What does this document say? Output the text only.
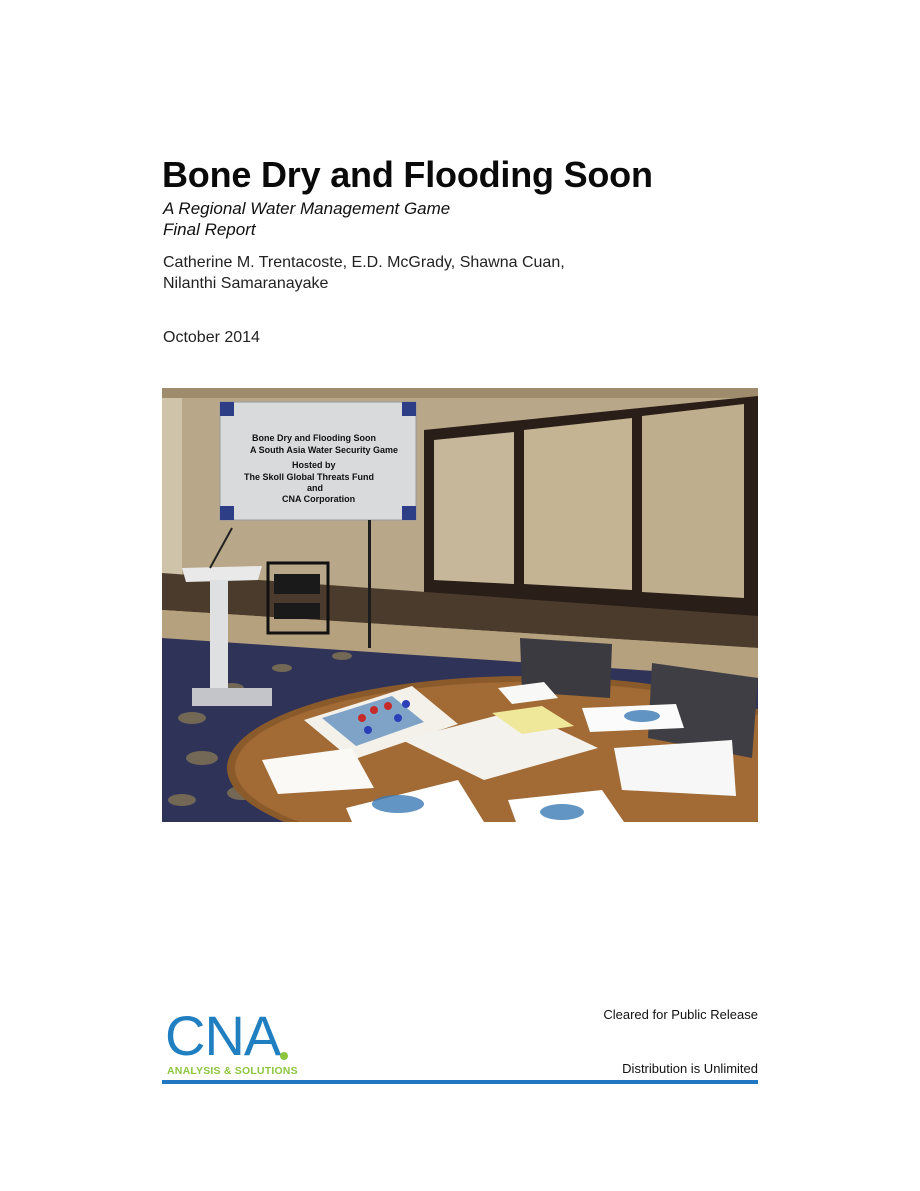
Bone Dry and Flooding Soon
A Regional Water Management Game
Final Report
Catherine M. Trentacoste, E.D. McGrady, Shawna Cuan,
Nilanthi Samaranayake
October 2014
Bone Dry and Flooding Soon
A South Asia Water Security Game
Hosted by
The Skoll Global Threats Fund
and
CNA Corporation
CNA
ANALYSIS & SOLUTIONS
Cleared for Public Release
Distribution is Unlimited
